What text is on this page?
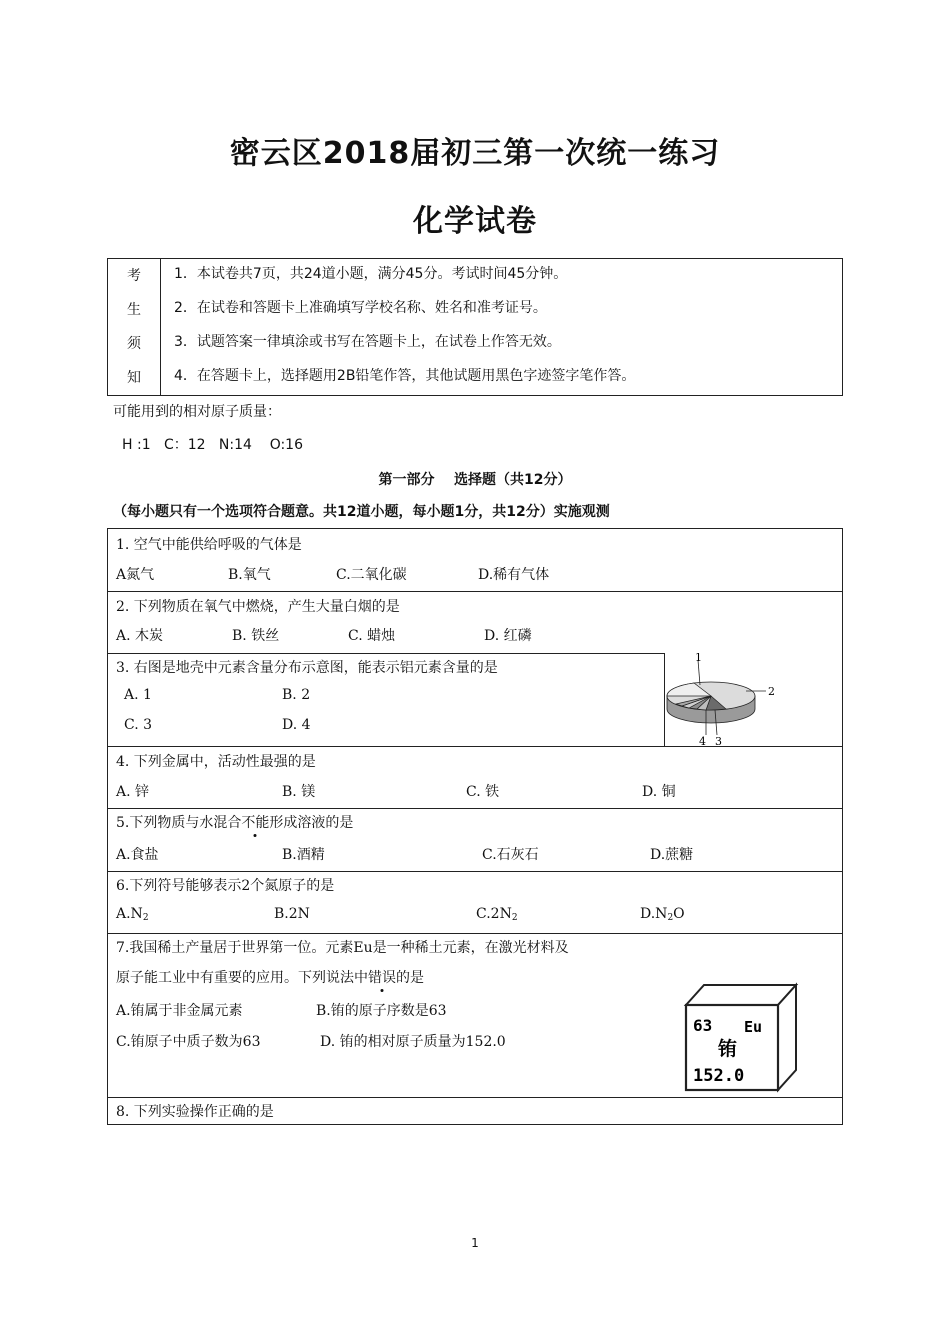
密云区2018届初三第一次统一练习
化学试卷
考
生
须
知
1．本试卷共7页，共24道小题，满分45分。考试时间45分钟。
2．在试卷和答题卡上准确填写学校名称、姓名和准考证号。
3．试题答案一律填涂或书写在答题卡上，在试卷上作答无效。
4．在答题卡上，选择题用2B铅笔作答，其他试题用黑色字迹签字笔作答。
可能用到的相对原子质量：
H :1   C：12   N:14    O:16
第一部分    选择题（共12分）
（每小题只有一个选项符合题意。共12道小题，每小题1分，共12分）实施观测
1. 空气中能供给呼吸的气体是
A氮气	B.氧气	C.二氧化碳	D.稀有气体
2. 下列物质在氧气中燃烧，产生大量白烟的是
A. 木炭	B. 铁丝	C. 蜡烛	D. 红磷
3. 右图是地壳中元素含量分布示意图，能表示铝元素含量的是
A. 1	B. 2
C. 3	D. 4
1
2
3
4
4. 下列金属中，活动性最强的是
A. 锌	B. 镁	C. 铁	D. 铜
5.下列物质与水混合不能形成溶液的是
A.食盐	B.酒精	C.石灰石	D.蔗糖
6.下列符号能够表示2个氮原子的是
A.N2	B.2N	C.2N2	D.N2O
7.我国稀土产量居于世界第一位。元素Eu是一种稀土元素，在激光材料及
原子能工业中有重要的应用。下列说法中错误的是
A.铕属于非金属元素	B.铕的原子序数是63
C.铕原子中质子数为63	D. 铕的相对原子质量为152.0
63 Eu
铕
152.0
8. 下列实验操作正确的是
1
